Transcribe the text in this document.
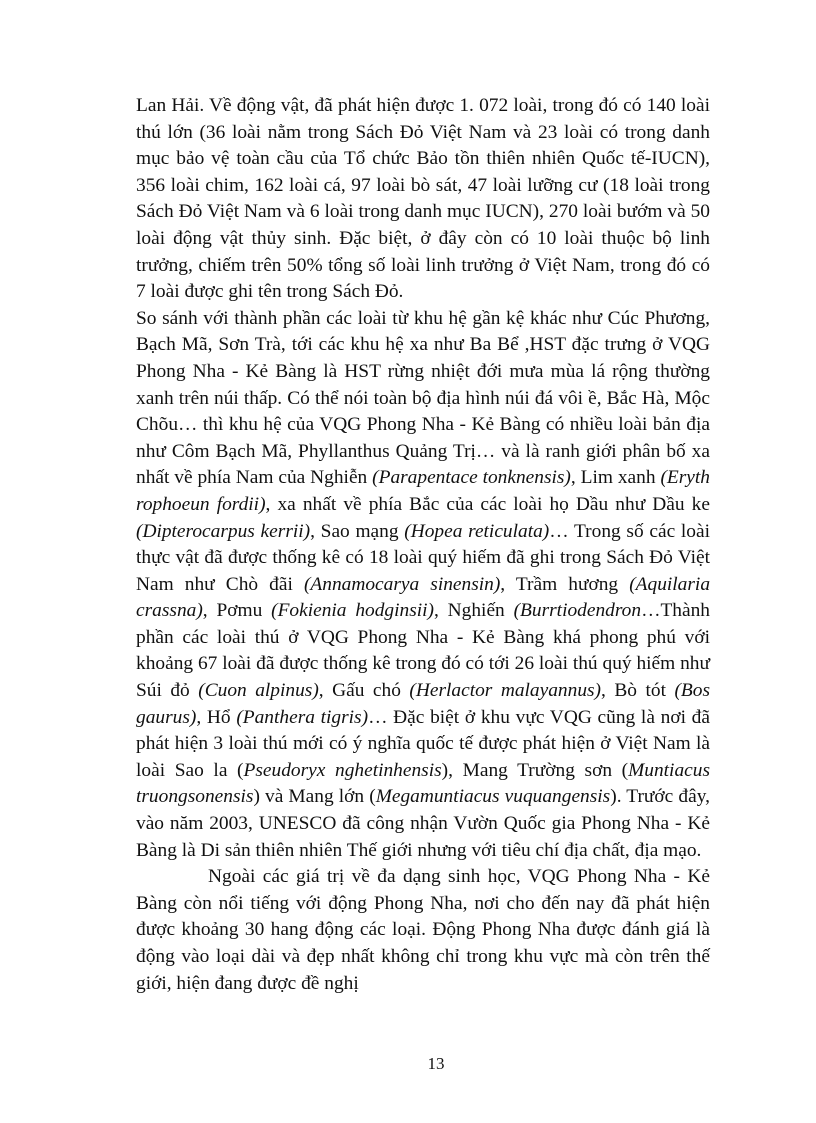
Lan Hải. Về động vật, đã phát hiện được 1. 072 loài, trong đó có 140 loài thú lớn (36 loài nằm trong Sách Đỏ Việt Nam và 23 loài có trong danh mục bảo vệ toàn cầu của Tổ chức Bảo tồn thiên nhiên Quốc tế-IUCN), 356 loài chim, 162 loài cá, 97 loài bò sát, 47 loài lưỡng cư (18 loài trong Sách Đỏ Việt Nam và 6 loài trong danh mục IUCN), 270 loài bướm và 50 loài động vật thủy sinh. Đặc biệt, ở đây còn có 10 loài thuộc bộ linh trưởng, chiếm trên 50% tổng số loài linh trưởng ở Việt Nam, trong đó có 7 loài được ghi tên trong Sách Đỏ.

So sánh với thành phần các loài từ khu hệ gần kệ khác như Cúc Phương, Bạch Mã, Sơn Trà, tới các khu hệ xa như Ba Bể ,HST đặc trưng ở VQG Phong Nha - Kẻ Bàng là HST rừng nhiệt đới mưa mùa lá rộng thường xanh trên núi thấp. Có thể nói toàn bộ địa hình núi đá vôi ề, Bắc Hà, Mộc Chõu… thì khu hệ của VQG Phong Nha - Kẻ Bàng có nhiều loài bản địa như Côm Bạch Mã, Phyllanthus Quảng Trị… và là ranh giới phân bố xa nhất về phía Nam của Nghiễn (Parapentace tonknensis), Lim xanh (Eryth rophoeun fordii), xa nhất về phía Bắc của các loài họ Dầu như Dầu ke (Dipterocarpus kerrii), Sao mạng (Hopea reticulata)… Trong số các loài thực vật đã được thống kê có 18 loài quý hiếm đã ghi trong Sách Đỏ Việt Nam như Chò đãi (Annamocarya sinensin), Trầm hương (Aquilaria crassna), Pơmu (Fokienia hodginsii), Nghiến (Burrtiodendron…Thành phần các loài thú ở VQG Phong Nha - Kẻ Bàng khá phong phú với khoảng 67 loài đã được thống kê trong đó có tới 26 loài thú quý hiếm như Súi đỏ (Cuon alpinus), Gấu chó (Herlactor malayannus), Bò tót (Bos gaurus), Hổ (Panthera tigris)… Đặc biệt ở khu vực VQG cũng là nơi đã phát hiện 3 loài thú mới có ý nghĩa quốc tế được phát hiện ở Việt Nam là loài Sao la (Pseudoryx nghetinhensis), Mang Trường sơn (Muntiacus truongsonensis) và Mang lớn (Megamuntiacus vuquangensis). Trước đây, vào năm 2003, UNESCO đã công nhận Vườn Quốc gia Phong Nha - Kẻ Bàng là Di sản thiên nhiên Thế giới nhưng với tiêu chí địa chất, địa mạo.

Ngoài các giá trị về đa dạng sinh học, VQG Phong Nha - Kẻ Bàng còn nổi tiếng với động Phong Nha, nơi cho đến nay đã phát hiện được khoảng 30 hang động các loại. Động Phong Nha được đánh giá là động vào loại dài và đẹp nhất không chỉ trong khu vực mà còn trên thế giới, hiện đang được đề nghị

13
